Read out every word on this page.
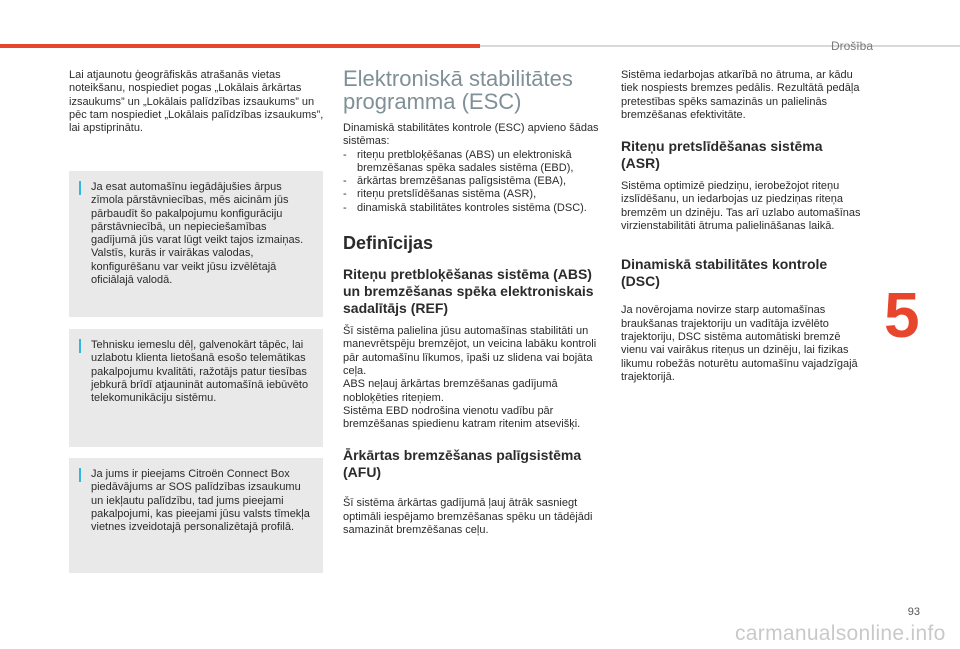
Drošība

Lai atjaunotu ģeogrāfiskās atrašanās vietas noteikšanu, nospiediet pogas „Lokālais ārkārtas izsaukums” un „Lokālais palīdzības izsaukums” un pēc tam nospiediet „Lokālais palīdzības izsaukums”, lai apstiprinātu.

Ja esat automašīnu iegādājušies ārpus zīmola pārstāvniecības, mēs aicinām jūs pārbaudīt šo pakalpojumu konfigurāciju pārstāvniecībā, un nepieciešamības gadījumā jūs varat lūgt veikt tajos izmaiņas. Valstīs, kurās ir vairākas valodas, konfigurēšanu var veikt jūsu izvēlētajā oficiālajā valodā.

Tehnisku iemeslu dēļ, galvenokārt tāpēc, lai uzlabotu klienta lietošanā esošo telemātikas pakalpojumu kvalitāti, ražotājs patur tiesības jebkurā brīdī atjaunināt automašīnā iebūvēto telekomunikāciju sistēmu.

Ja jums ir pieejams Citroën Connect Box piedāvājums ar SOS palīdzības izsaukumu un iekļautu palīdzību, tad jums pieejami pakalpojumi, kas pieejami jūsu valsts tīmekļa vietnes izveidotajā personalizētajā profilā.

Elektroniskā stabilitātes programma (ESC)

Dinamiskā stabilitātes kontrole (ESC) apvieno šādas sistēmas:

- riteņu pretbloķēšanas (ABS) un elektroniskā bremzēšanas spēka sadales sistēma (EBD),
- ārkārtas bremzēšanas palīgsistēma (EBA),
- riteņu pretslīdēšanas sistēma (ASR),
- dinamiskā stabilitātes kontroles sistēma (DSC).
Definīcijas
Riteņu pretbloķēšanas sistēma (ABS) un bremzēšanas spēka elektroniskais sadalītājs (REF)

Šī sistēma palielina jūsu automašīnas stabilitāti un manevrētspēju bremzējot, un veicina labāku kontroli pār automašīnu līkumos, īpaši uz slidena vai bojāta ceļa.

ABS neļauj ārkārtas bremzēšanas gadījumā nobloķēties riteņiem.

Sistēma EBD nodrošina vienotu vadību pār bremzēšanas spiedienu katram ritenim atsevišķi.

Ārkārtas bremzēšanas palīgsistēma (AFU)

Šī sistēma ārkārtas gadījumā ļauj ātrāk sasniegt optimāli iespējamo bremzēšanas spēku un tādējādi samazināt bremzēšanas ceļu.

Sistēma iedarbojas atkarībā no ātruma, ar kādu tiek nospiests bremzes pedālis. Rezultātā pedāļa pretestības spēks samazinās un palielinās bremzēšanas efektivitāte.

Riteņu pretslīdēšanas sistēma (ASR)

Sistēma optimizē piedziņu, ierobežojot riteņu izslīdēšanu, un iedarbojas uz piedziņas riteņa bremzēm un dzinēju. Tas arī uzlabo automašīnas virzienstabilitāti ātruma palielināšanas laikā.

Dinamiskā stabilitātes kontrole (DSC)

Ja novērojama novirze starp automašīnas braukšanas trajektoriju un vadītāja izvēlēto trajektoriju, DSC sistēma automātiski bremzē vienu vai vairākus riteņus un dzinēju, lai fizikas likumu robežās noturētu automašīnu vajadzīgajā trajektorijā.

5
93
carmanualsonline.info
